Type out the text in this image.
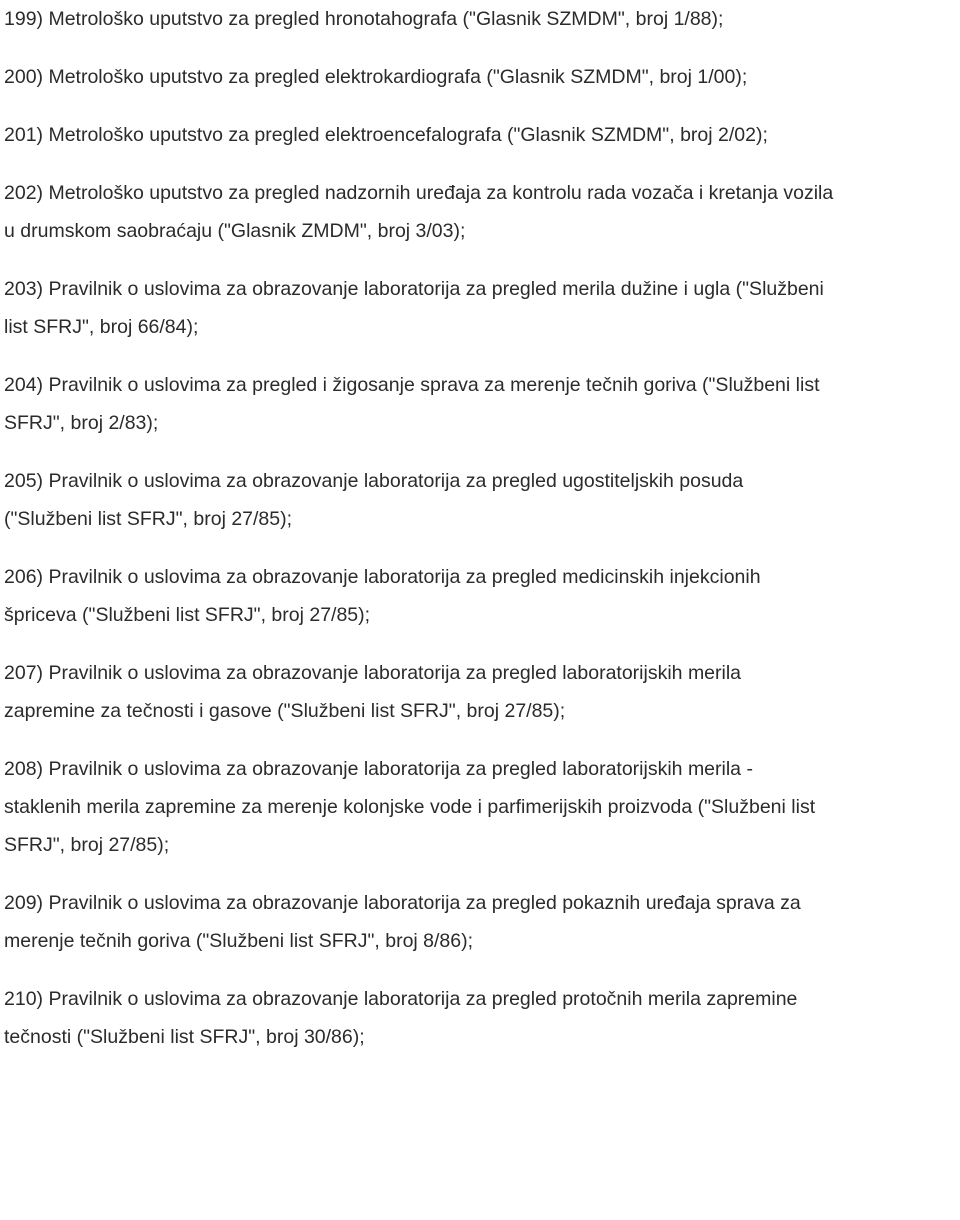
199) Metrološko uputstvo za pregled hronotahografa ("Glasnik SZMDM", broj 1/88);
200) Metrološko uputstvo za pregled elektrokardiografa ("Glasnik SZMDM", broj 1/00);
201) Metrološko uputstvo za pregled elektroencefalografa ("Glasnik SZMDM", broj 2/02);
202) Metrološko uputstvo za pregled nadzornih uređaja za kontrolu rada vozača i kretanja vozila
u drumskom saobraćaju ("Glasnik ZMDM", broj 3/03);
203) Pravilnik o uslovima za obrazovanje laboratorija za pregled merila dužine i ugla ("Službeni
list SFRJ", broj 66/84);
204) Pravilnik o uslovima za pregled i žigosanje sprava za merenje tečnih goriva ("Službeni list
SFRJ", broj 2/83);
205) Pravilnik o uslovima za obrazovanje laboratorija za pregled ugostiteljskih posuda
("Službeni list SFRJ", broj 27/85);
206) Pravilnik o uslovima za obrazovanje laboratorija za pregled medicinskih injekcionih
špriceva ("Službeni list SFRJ", broj 27/85);
207) Pravilnik o uslovima za obrazovanje laboratorija za pregled laboratorijskih merila
zapremine za tečnosti i gasove ("Službeni list SFRJ", broj 27/85);
208) Pravilnik o uslovima za obrazovanje laboratorija za pregled laboratorijskih merila -
staklenih merila zapremine za merenje kolonjske vode i parfimerijskih proizvoda ("Službeni list
SFRJ", broj 27/85);
209) Pravilnik o uslovima za obrazovanje laboratorija za pregled pokaznih uređaja sprava za
merenje tečnih goriva ("Službeni list SFRJ", broj 8/86);
210) Pravilnik o uslovima za obrazovanje laboratorija za pregled protočnih merila zapremine
tečnosti ("Službeni list SFRJ", broj 30/86);
